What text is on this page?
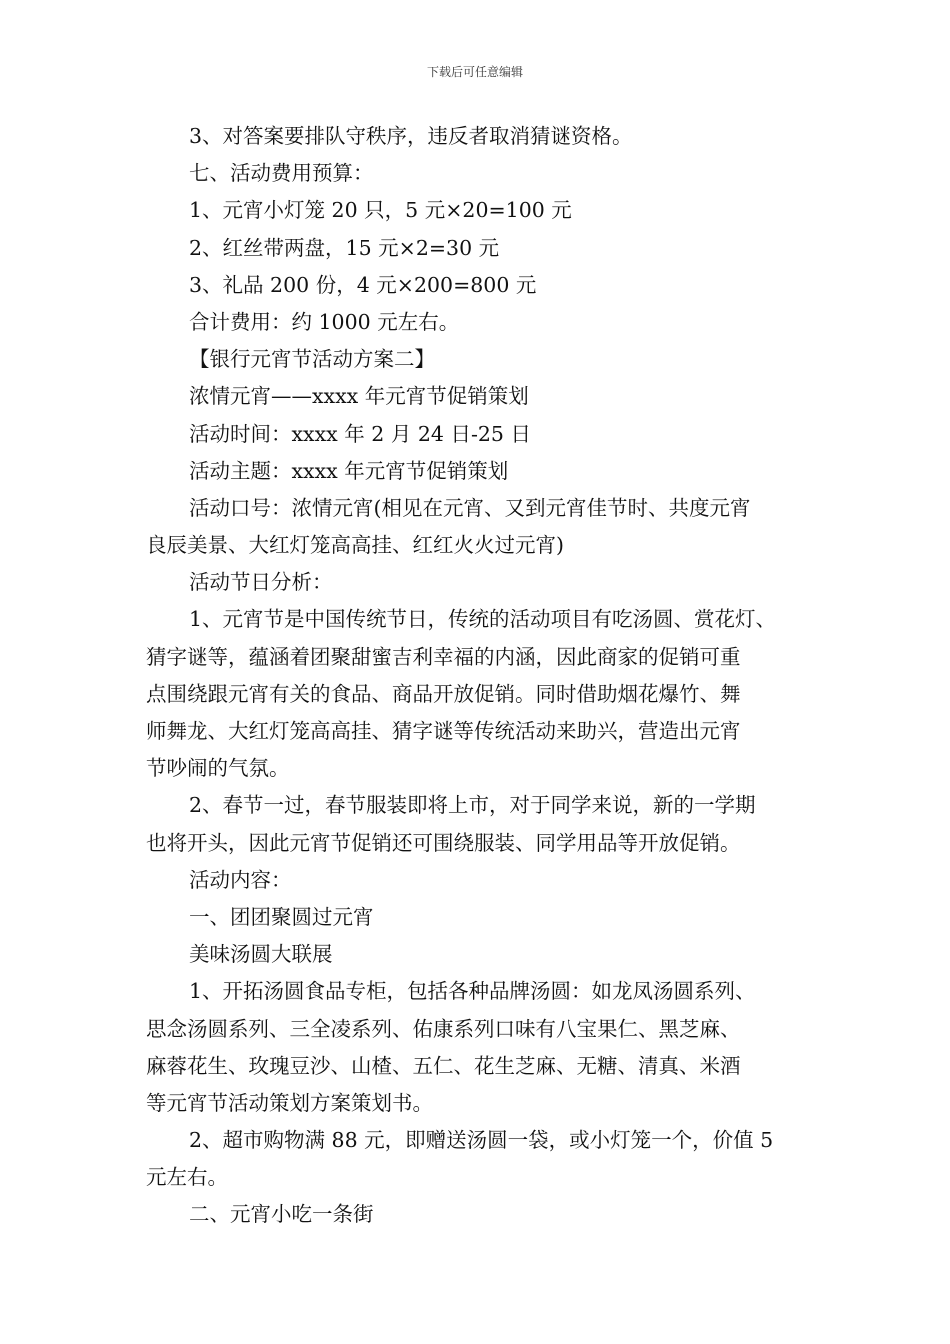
下载后可任意编辑
3、对答案要排队守秩序，违反者取消猜谜资格。
七、活动费用预算：
1、元宵小灯笼 20 只，5 元×20=100 元
2、红丝带两盘，15 元×2=30 元
3、礼品 200 份，4 元×200=800 元
合计费用：约 1000 元左右。
【银行元宵节活动方案二】
浓情元宵——xxxx 年元宵节促销策划
活动时间：xxxx 年 2 月 24 日-25 日
活动主题：xxxx 年元宵节促销策划
活动口号：浓情元宵(相见在元宵、又到元宵佳节时、共度元宵
良辰美景、大红灯笼高高挂、红红火火过元宵)
活动节日分析：
1、元宵节是中国传统节日，传统的活动项目有吃汤圆、赏花灯、
猜字谜等，蕴涵着团聚甜蜜吉利幸福的内涵，因此商家的促销可重
点围绕跟元宵有关的食品、商品开放促销。同时借助烟花爆竹、舞
师舞龙、大红灯笼高高挂、猜字谜等传统活动来助兴，营造出元宵
节吵闹的气氛。
2、春节一过，春节服装即将上市，对于同学来说，新的一学期
也将开头，因此元宵节促销还可围绕服装、同学用品等开放促销。
活动内容：
一、团团聚圆过元宵
美味汤圆大联展
1、开拓汤圆食品专柜，包括各种品牌汤圆：如龙凤汤圆系列、
思念汤圆系列、三全凌系列、佑康系列口味有八宝果仁、黑芝麻、
麻蓉花生、玫瑰豆沙、山楂、五仁、花生芝麻、无糖、清真、米酒
等元宵节活动策划方案策划书。
2、超市购物满 88 元，即赠送汤圆一袋，或小灯笼一个，价值 5
元左右。
二、元宵小吃一条街
